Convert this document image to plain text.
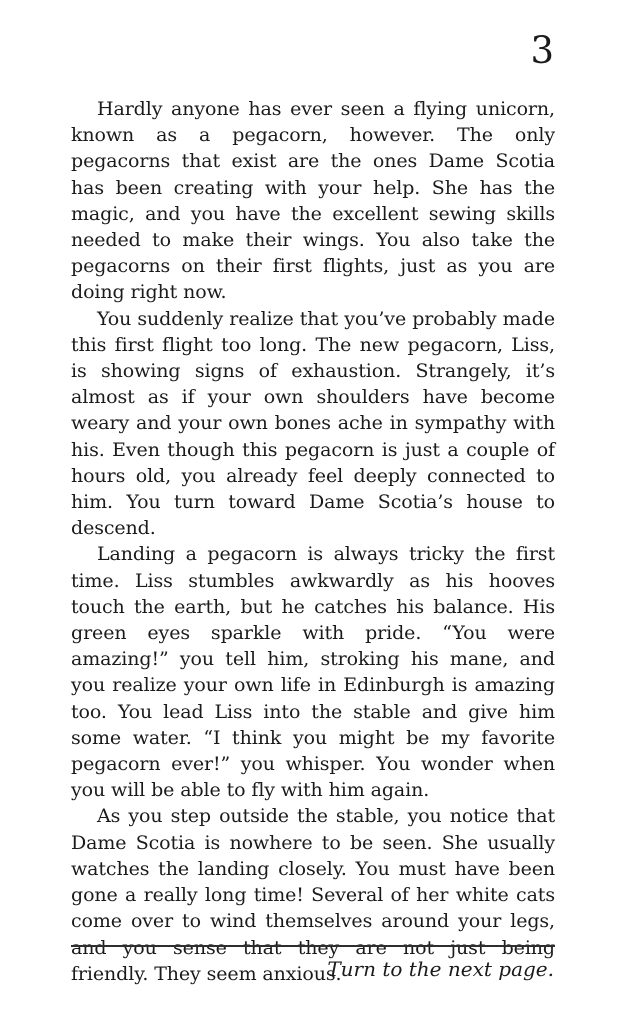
3

Hardly anyone has ever seen a flying unicorn, known as a pegacorn, however. The only pegacorns that exist are the ones Dame Scotia has been creating with your help. She has the magic, and you have the excellent sewing skills needed to make their wings. You also take the pegacorns on their first flights, just as you are doing right now.

You suddenly realize that you’ve probably made this first flight too long. The new pegacorn, Liss, is showing signs of exhaustion. Strangely, it’s almost as if your own shoulders have become weary and your own bones ache in sympathy with his. Even though this pegacorn is just a couple of hours old, you already feel deeply connected to him. You turn toward Dame Scotia’s house to descend.

Landing a pegacorn is always tricky the first time. Liss stumbles awkwardly as his hooves touch the earth, but he catches his balance. His green eyes sparkle with pride. “You were amazing!” you tell him, stroking his mane, and you realize your own life in Edinburgh is amazing too. You lead Liss into the stable and give him some water. “I think you might be my favorite pegacorn ever!” you whisper. You wonder when you will be able to fly with him again.

As you step outside the stable, you notice that Dame Scotia is nowhere to be seen. She usually watches the landing closely. You must have been gone a really long time! Several of her white cats come over to wind themselves around your legs, and you sense that they are not just being friendly. They seem anxious.

Turn to the next page.
